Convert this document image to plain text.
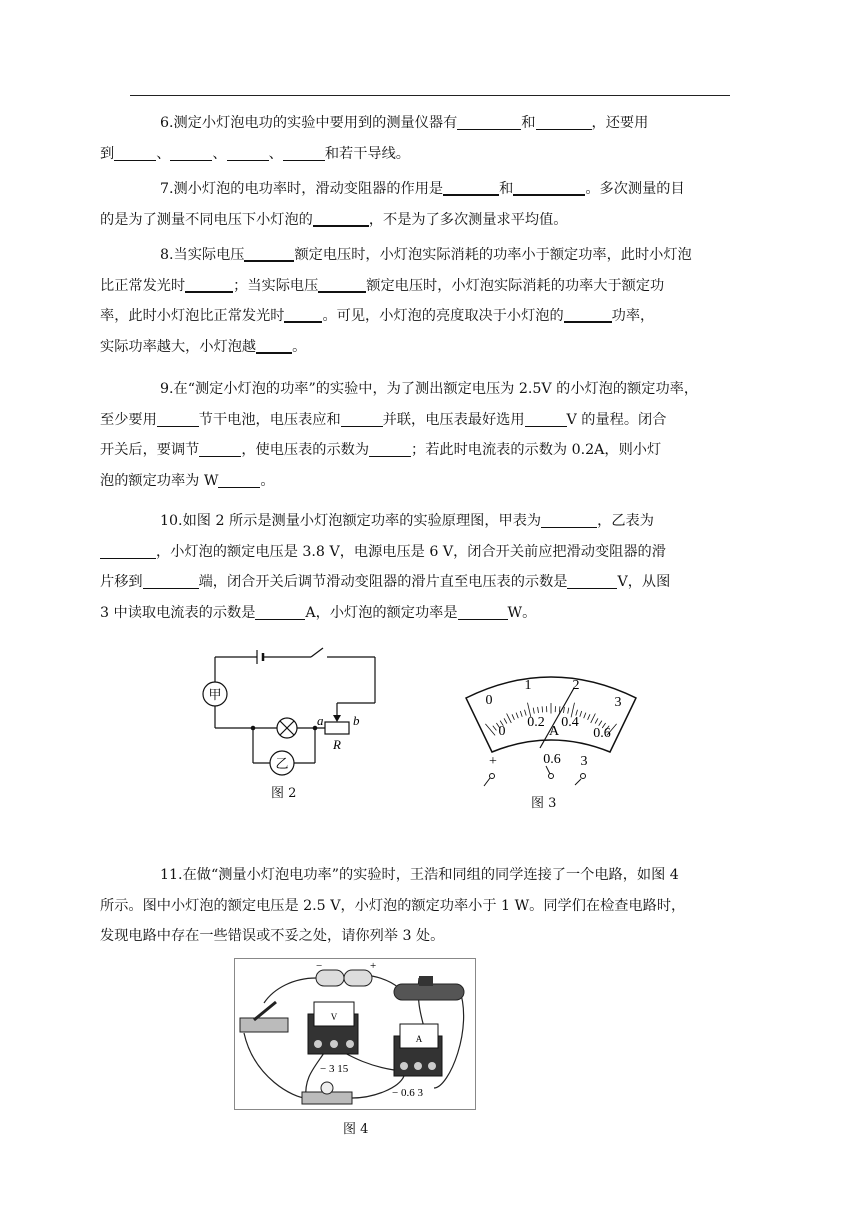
6.测定小灯泡电功的实验中要用到的测量仪器有	和	，还要用
到	、	、	、	和若干导线。

7.测小灯泡的电功率时，滑动变阻器的作用是	和	。多次测量的目
的是为了测量不同电压下小灯泡的	，不是为了多次测量求平均值。

8.当实际电压	额定电压时，小灯泡实际消耗的功率小于额定功率，此时小灯泡
比正常发光时	；当实际电压	额定电压时，小灯泡实际消耗的功率大于额定功
率，此时小灯泡比正常发光时	。可见，小灯泡的亮度取决于小灯泡的	功率，
实际功率越大，小灯泡越	。

9.在“测定小灯泡的功率”的实验中，为了测出额定电压为 2.5V 的小灯泡的额定功率，
至少要用	节干电池，电压表应和	并联，电压表最好选用	V 的量程。闭合
开关后，要调节	，使电压表的示数为	；若此时电流表的示数为 0.2A，则小灯
泡的额定功率为 W	。

10.如图 2 所示是测量小灯泡额定功率的实验原理图，甲表为	，乙表为
，小灯泡的额定电压是 3.8 V，电源电压是 6 V，闭合开关前应把滑动变阻器的滑
片移到	端，闭合开关后调节滑动变阻器的滑片直至电压表的示数是	V，从图
3 中读取电流表的示数是	A，小灯泡的额定功率是	W。

甲
乙
a b
R
图 2
0
1	2
3
0
0.2 0.4
0.6
A
+	0.6 3
图 3

11.在做“测量小灯泡电功率”的实验时，王浩和同组的同学连接了一个电路，如图 4
所示。图中小灯泡的额定电压是 2.5 V，小灯泡的额定功率小于 1 W。同学们在检查电路时，
发现电路中存在一些错误或不妥之处，请你列举 3 处。

−	+
V
− 3 15
A
− 0.6 3
图 4
